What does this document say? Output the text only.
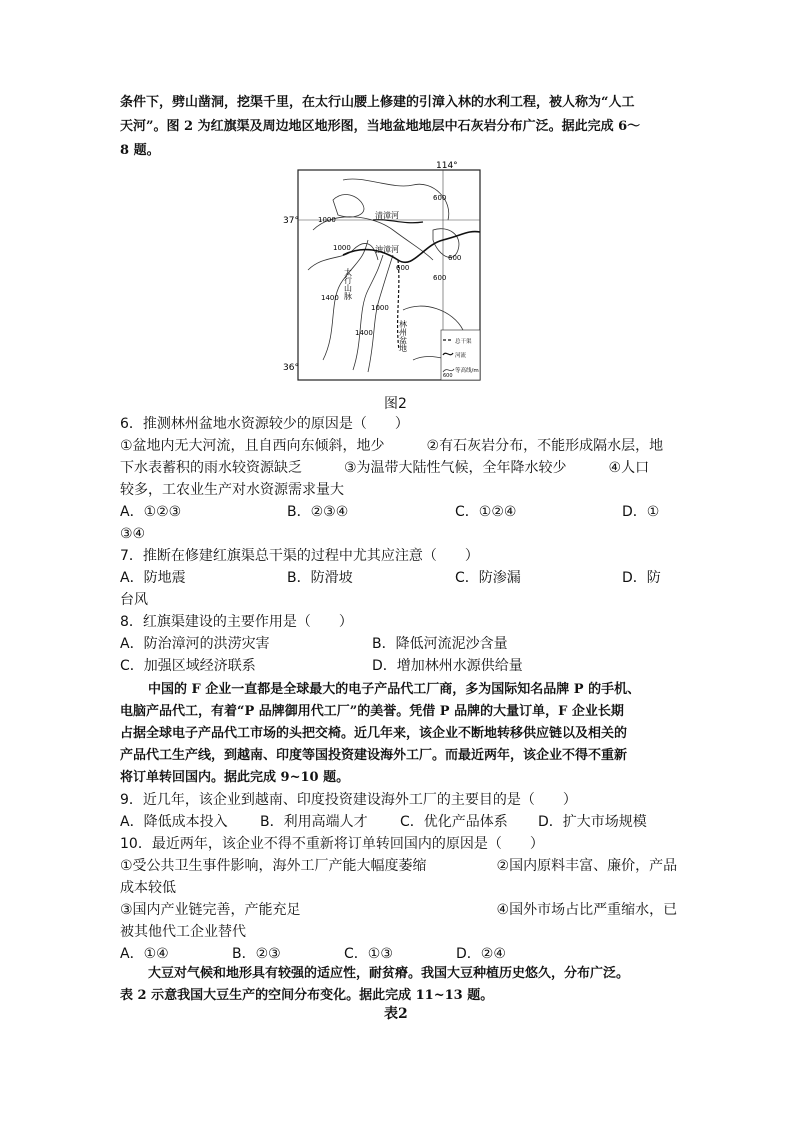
条件下，劈山凿洞，挖渠千里，在太行山腰上修建的引漳入林的水利工程，被人称为“人工
天河”。图 2 为红旗渠及周边地区地形图，当地盆地地层中石灰岩分布广泛。据此完成 6～
8 题。
114°
37°
36°
清漳河
浊漳河
太行山脉
林州盆地
600
1000
1000
1400
1400
1000
600
600
600
总干渠
河流
600
等高线/m
图2
6．推测林州盆地水资源较少的原因是（　　）
①盆地内无大河流，且自西向东倾斜，地少　　　②有石灰岩分布，不能形成隔水层，地
下水表蓄积的雨水较资源缺乏　　　③为温带大陆性气候，全年降水较少　　　④人口
较多，工农业生产对水资源需求量大
A．①②③	B．②③④	C．①②④	D．①
③④
7．推断在修建红旗渠总干渠的过程中尤其应注意（　　）
A．防地震	B．防滑坡	C．防渗漏	D．防
台风
8．红旗渠建设的主要作用是（　　）
A．防治漳河的洪涝灾害	B．降低河流泥沙含量
C．加强区域经济联系	D．增加林州水源供给量
中国的 F 企业一直都是全球最大的电子产品代工厂商，多为国际知名品牌 P 的手机、
电脑产品代工，有着“P 品牌御用代工厂”的美誉。凭借 P 品牌的大量订单，F 企业长期
占据全球电子产品代工市场的头把交椅。近几年来，该企业不断地转移供应链以及相关的
产品代工生产线，到越南、印度等国投资建设海外工厂。而最近两年，该企业不得不重新
将订单转回国内。据此完成 9~10 题。
9．近几年，该企业到越南、印度投资建设海外工厂的主要目的是（　　）
A．降低成本投入 B．利用高端人才 C．优化产品体系 D．扩大市场规模
10．最近两年，该企业不得不重新将订单转回国内的原因是（　　）
①受公共卫生事件影响，海外工厂产能大幅度萎缩　　　　　②国内原料丰富、廉价，产品
成本较低
③国内产业链完善，产能充足　　　　　　　　　　　　　　④国外市场占比严重缩水，已
被其他代工企业替代
A．①④	B．②③	C．①③	D．②④
大豆对气候和地形具有较强的适应性，耐贫瘠。我国大豆种植历史悠久，分布广泛。
表 2 示意我国大豆生产的空间分布变化。据此完成 11~13 题。
表2
